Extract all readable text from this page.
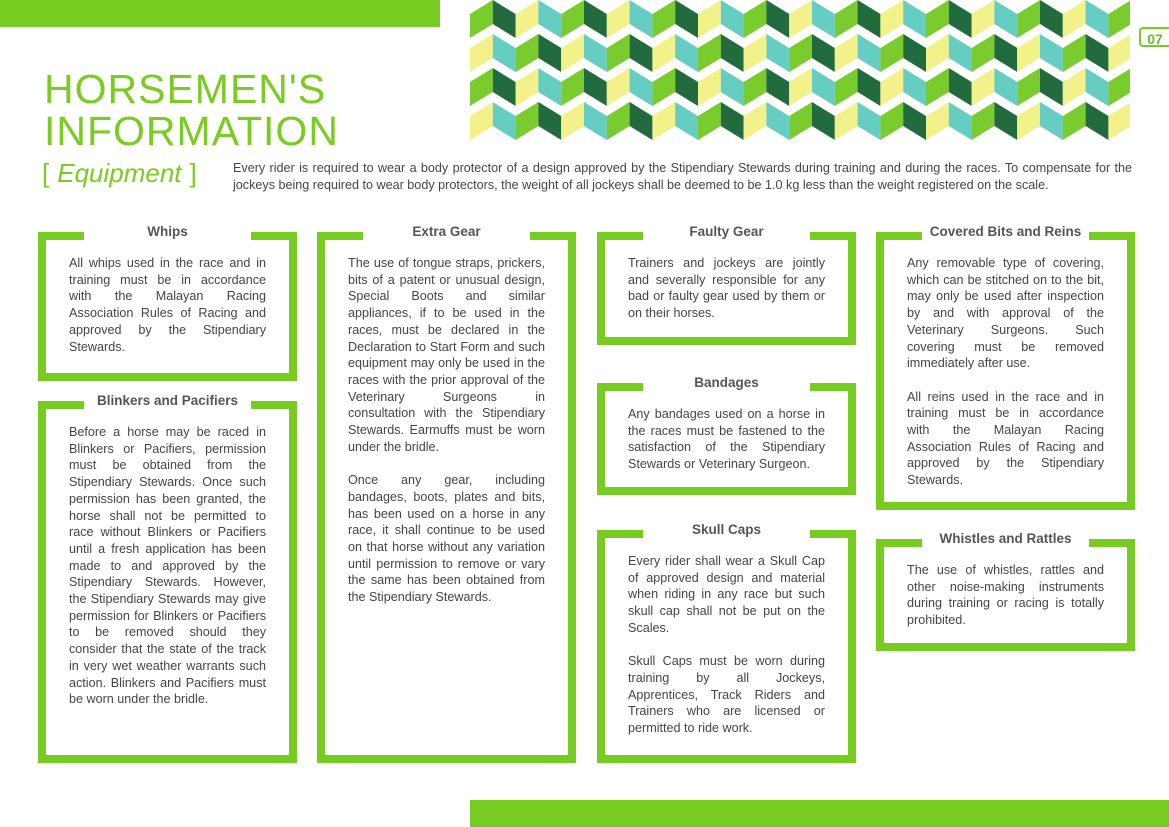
07
HORSEMEN'S
INFORMATION
[ Equipment ]	Every rider is required to wear a body protector of a design approved by the Stipendiary Stewards during training and during the races. To compensate for the jockeys being required to wear body protectors, the weight of all jockeys shall be deemed to be 1.0 kg less than the weight registered on the scale.

Whips

All whips used in the race and in training must be in accordance with the Malayan Racing Association Rules of Racing and approved by the Stipendiary Stewards.

Blinkers and Pacifiers

Before a horse may be raced in Blinkers or Pacifiers, permission must be obtained from the Stipendiary Stewards. Once such permission has been granted, the horse shall not be permitted to race without Blinkers or Pacifiers until a fresh application has been made to and approved by the Stipendiary Stewards. However, the Stipendiary Stewards may give permission for Blinkers or Pacifiers to be removed should they consider that the state of the track in very wet weather warrants such action. Blinkers and Pacifiers must be worn under the bridle.

Extra Gear

The use of tongue straps, prickers, bits of a patent or unusual design, Special Boots and similar appliances, if to be used in the races, must be declared in the Declaration to Start Form and such equipment may only be used in the races with the prior approval of the Veterinary Surgeons in consultation with the Stipendiary Stewards. Earmuffs must be worn under the bridle.

Once any gear, including bandages, boots, plates and bits, has been used on a horse in any race, it shall continue to be used on that horse without any variation until permission to remove or vary the same has been obtained from the Stipendiary Stewards.

Faulty Gear

Trainers and jockeys are jointly and severally responsible for any bad or faulty gear used by them or on their horses.

Bandages

Any bandages used on a horse in the races must be fastened to the satisfaction of the Stipendiary Stewards or Veterinary Surgeon.

Skull Caps

Every rider shall wear a Skull Cap of approved design and material when riding in any race but such skull cap shall not be put on the Scales.

Skull Caps must be worn during training by all Jockeys, Apprentices, Track Riders and Trainers who are licensed or permitted to ride work.

Covered Bits and Reins

Any removable type of covering, which can be stitched on to the bit, may only be used after inspection by and with approval of the Veterinary Surgeons. Such covering must be removed immediately after use.

All reins used in the race and in training must be in accordance with the Malayan Racing Association Rules of Racing and approved by the Stipendiary Stewards.

Whistles and Rattles

The use of whistles, rattles and other noise-making instruments during training or racing is totally prohibited.
